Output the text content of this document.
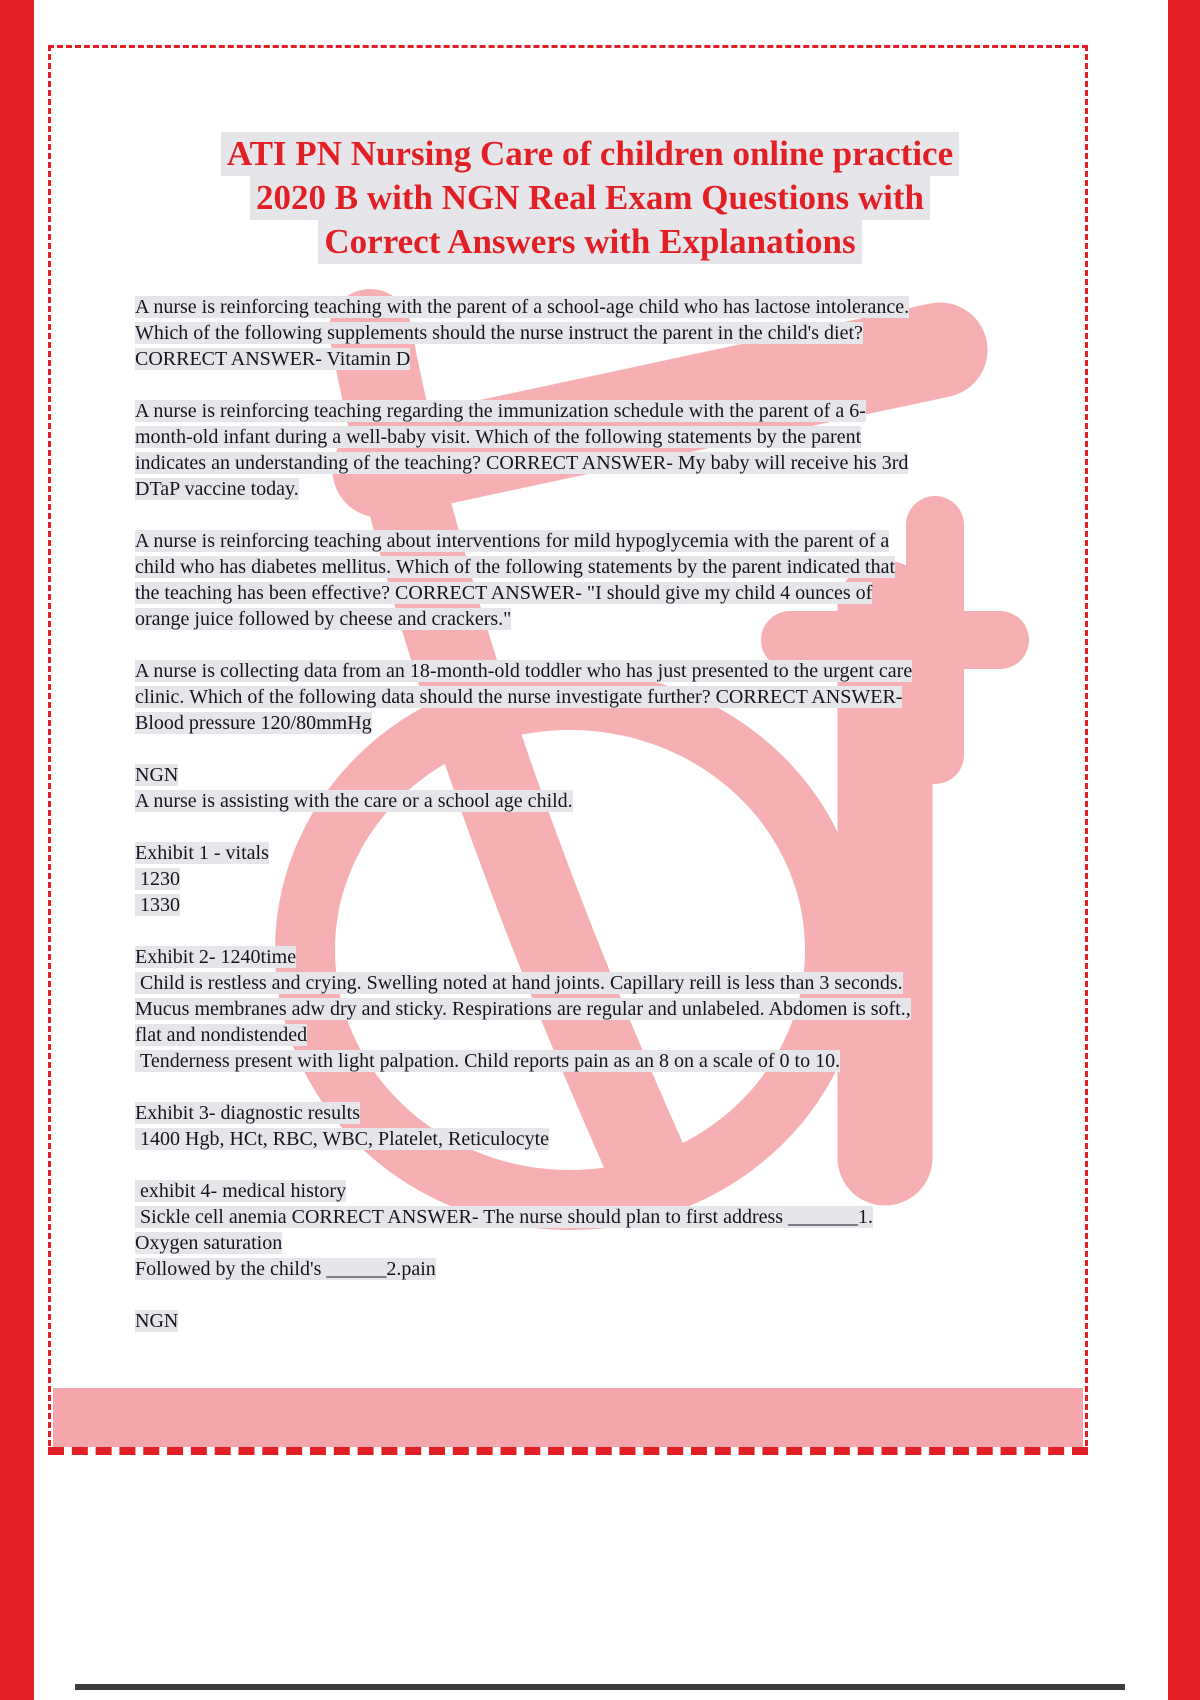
ATI PN Nursing Care of children online practice
2020 B with NGN Real Exam Questions with
Correct Answers with Explanations
A nurse is reinforcing teaching with the parent of a school-age child who has lactose intolerance.
Which of the following supplements should the nurse instruct the parent in the child's diet?
CORRECT ANSWER- Vitamin D
A nurse is reinforcing teaching regarding the immunization schedule with the parent of a 6-
month-old infant during a well-baby visit. Which of the following statements by the parent
indicates an understanding of the teaching? CORRECT ANSWER- My baby will receive his 3rd
DTaP vaccine today.
A nurse is reinforcing teaching about interventions for mild hypoglycemia with the parent of a
child who has diabetes mellitus. Which of the following statements by the parent indicated that
the teaching has been effective? CORRECT ANSWER- "I should give my child 4 ounces of
orange juice followed by cheese and crackers."
A nurse is collecting data from an 18-month-old toddler who has just presented to the urgent care
clinic. Which of the following data should the nurse investigate further? CORRECT ANSWER-
Blood pressure 120/80mmHg
NGN
A nurse is assisting with the care or a school age child.
Exhibit 1 - vitals
1230
1330
Exhibit 2- 1240time
Child is restless and crying. Swelling noted at hand joints. Capillary reill is less than 3 seconds.
Mucus membranes adw dry and sticky. Respirations are regular and unlabeled. Abdomen is soft.,
flat and nondistended
Tenderness present with light palpation. Child reports pain as an 8 on a scale of 0 to 10.
Exhibit 3- diagnostic results
1400 Hgb, HCt, RBC, WBC, Platelet, Reticulocyte
exhibit 4- medical history
Sickle cell anemia CORRECT ANSWER- The nurse should plan to first address _______1.
Oxygen saturation
Followed by the child's ______2.pain
NGN
